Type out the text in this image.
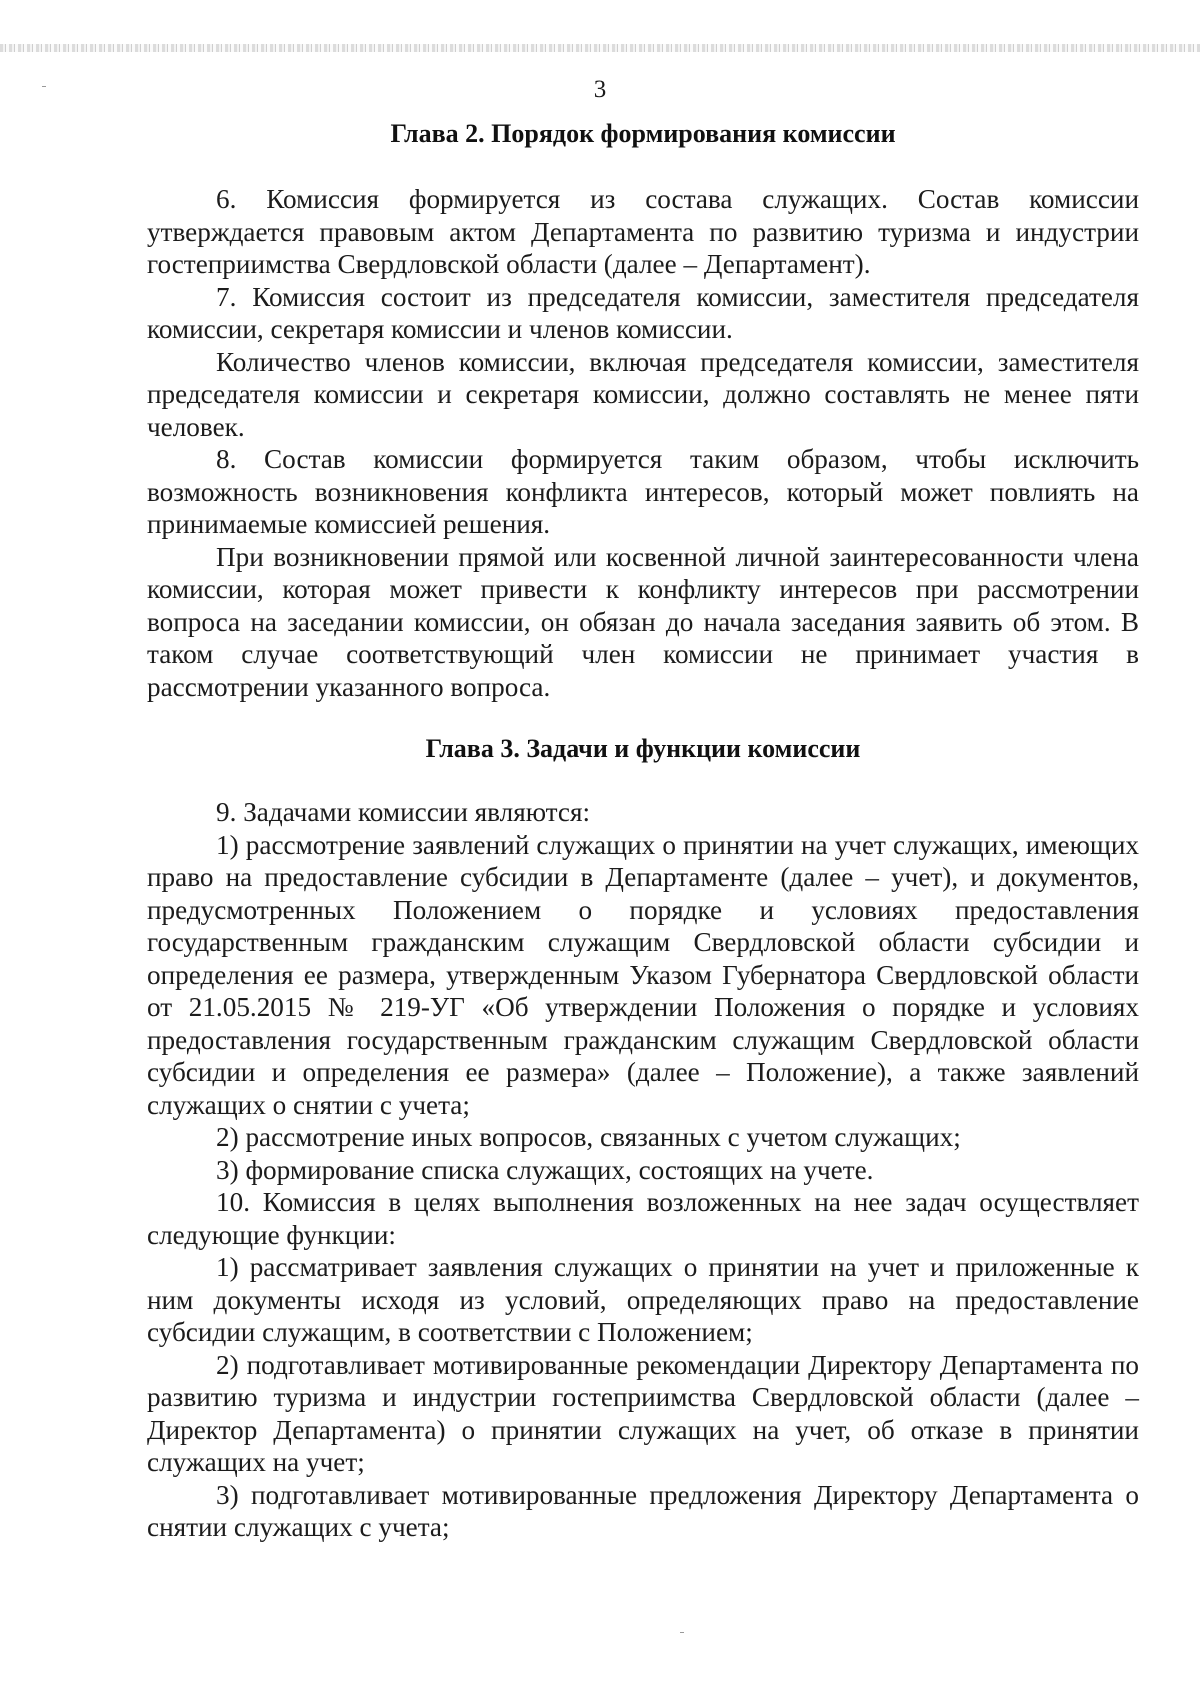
3
Глава 2. Порядок формирования комиссии

6. Комиссия формируется из состава служащих. Состав комиссии утверждается правовым актом Департамента по развитию туризма и индустрии гостеприимства Свердловской области (далее – Департамент).

7. Комиссия состоит из председателя комиссии, заместителя председателя комиссии, секретаря комиссии и членов комиссии.

Количество членов комиссии, включая председателя комиссии, заместителя председателя комиссии и секретаря комиссии, должно составлять не менее пяти человек.

8. Состав комиссии формируется таким образом, чтобы исключить возможность возникновения конфликта интересов, который может повлиять на принимаемые комиссией решения.

При возникновении прямой или косвенной личной заинтересованности члена комиссии, которая может привести к конфликту интересов при рассмотрении вопроса на заседании комиссии, он обязан до начала заседания заявить об этом. В таком случае соответствующий член комиссии не принимает участия в рассмотрении указанного вопроса.

Глава 3. Задачи и функции комиссии

9. Задачами комиссии являются:

1) рассмотрение заявлений служащих о принятии на учет служащих, имеющих право на предоставление субсидии в Департаменте (далее – учет), и документов, предусмотренных Положением о порядке и условиях предоставления государственным гражданским служащим Свердловской области субсидии и определения ее размера, утвержденным Указом Губернатора Свердловской области от 21.05.2015 № 219-УГ «Об утверждении Положения о порядке и условиях предоставления государственным гражданским служащим Свердловской области субсидии и определения ее размера» (далее – Положение), а также заявлений служащих о снятии с учета;

2) рассмотрение иных вопросов, связанных с учетом служащих;

3) формирование списка служащих, состоящих на учете.

10. Комиссия в целях выполнения возложенных на нее задач осуществляет следующие функции:

1) рассматривает заявления служащих о принятии на учет и приложенные к ним документы исходя из условий, определяющих право на предоставление субсидии служащим, в соответствии с Положением;

2) подготавливает мотивированные рекомендации Директору Департамента по развитию туризма и индустрии гостеприимства Свердловской области (далее – Директор Департамента) о принятии служащих на учет, об отказе в принятии служащих на учет;

3) подготавливает мотивированные предложения Директору Департамента о снятии служащих с учета;
